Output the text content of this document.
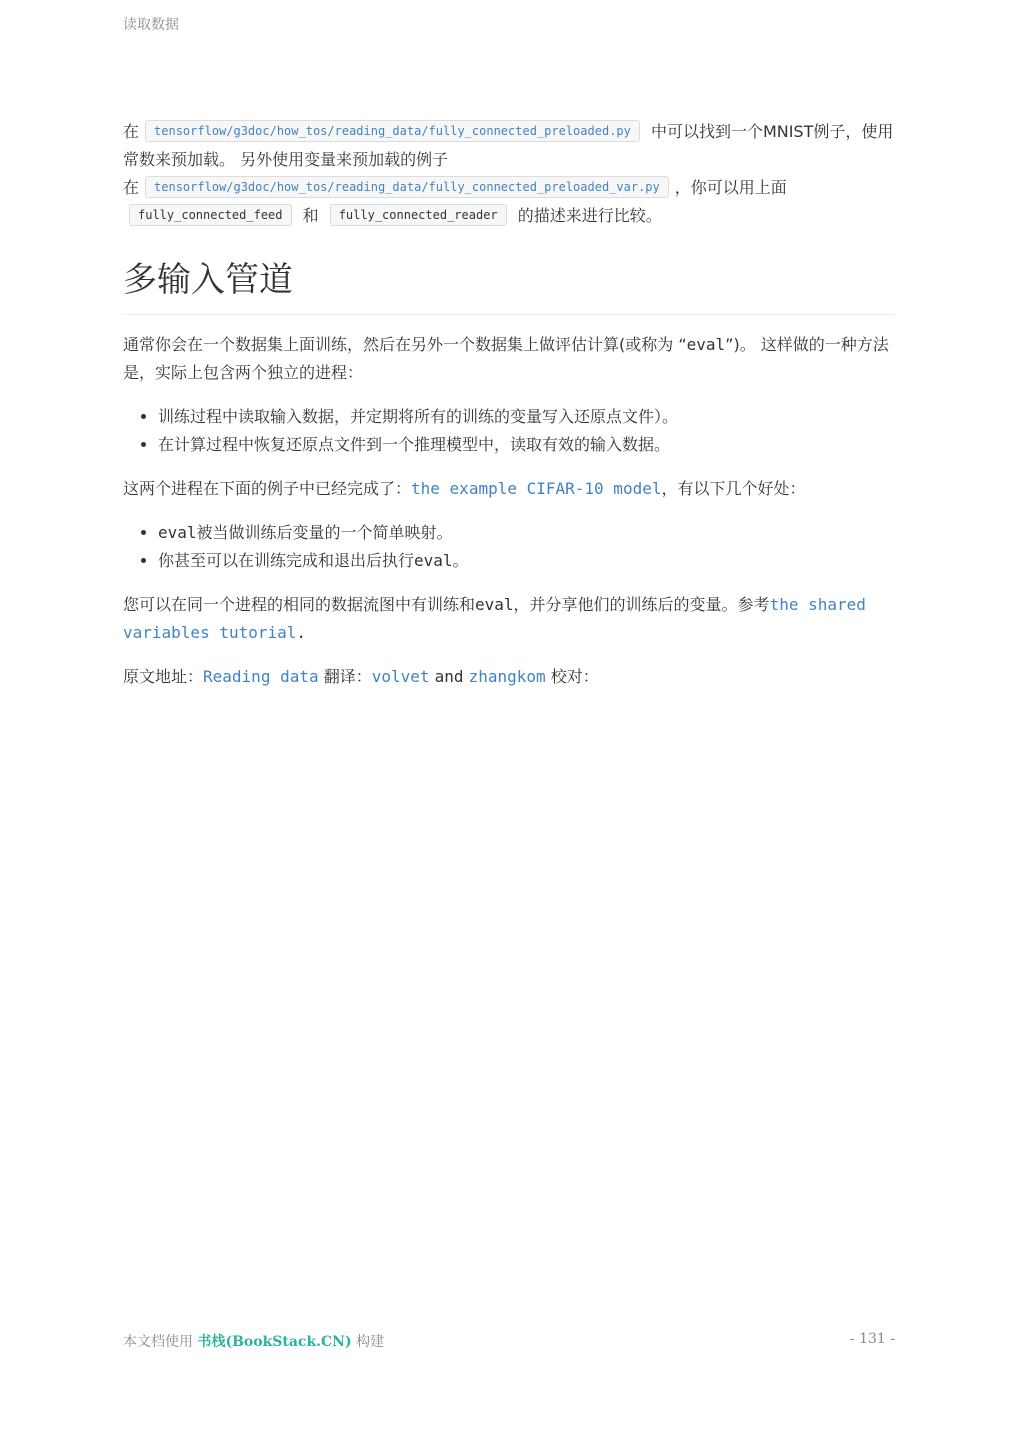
读取数据

在 tensorflow/g3doc/how_tos/reading_data/fully_connected_preloaded.py 中可以找到一个MNIST例子，使用常数来预加载。 另外使用变量来预加载的例子
在 tensorflow/g3doc/how_tos/reading_data/fully_connected_preloaded_var.py ，你可以用上面
fully_connected_feed 和 fully_connected_reader 的描述来进行比较。

多输入管道

通常你会在一个数据集上面训练，然后在另外一个数据集上做评估计算(或称为 “eval”)。 这样做的一种方法是，实际上包含两个独立的进程：

• 训练过程中读取输入数据，并定期将所有的训练的变量写入还原点文件）。
• 在计算过程中恢复还原点文件到一个推理模型中，读取有效的输入数据。

这两个进程在下面的例子中已经完成了：the example CIFAR-10 model，有以下几个好处：

• eval被当做训练后变量的一个简单映射。
• 你甚至可以在训练完成和退出后执行eval。

您可以在同一个进程的相同的数据流图中有训练和eval，并分享他们的训练后的变量。参考the shared variables tutorial.

原文地址：Reading data 翻译：volvet and zhangkom 校对：

本文档使用 书栈(BookStack.CN) 构建	- 131 -
